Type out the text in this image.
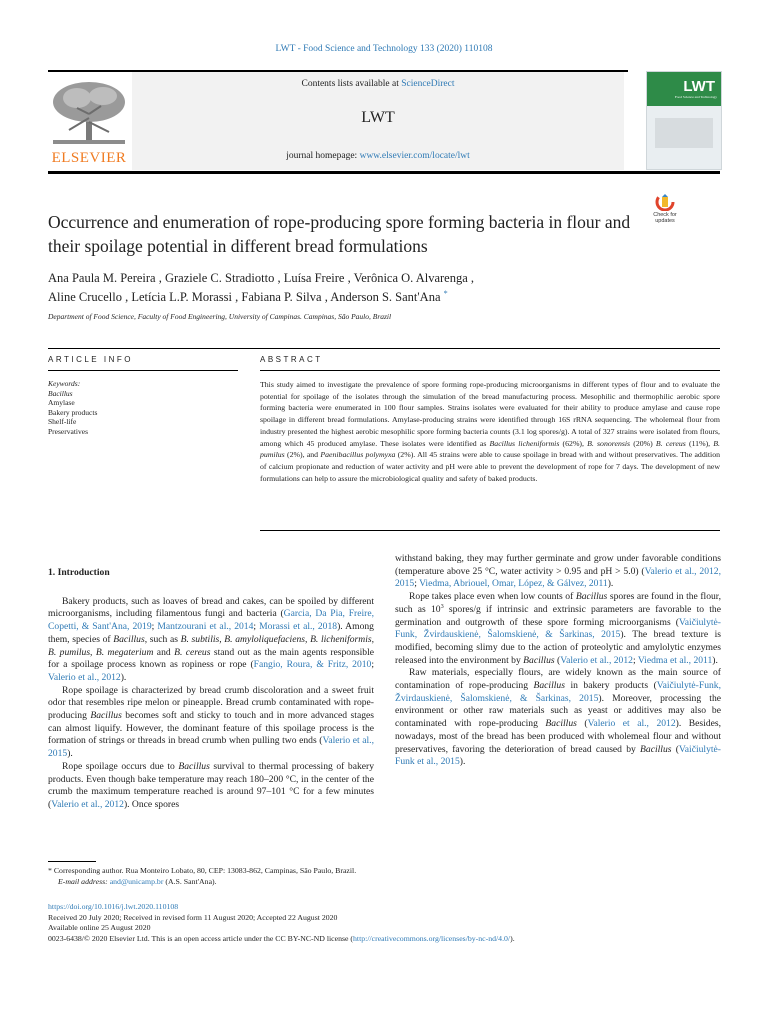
LWT - Food Science and Technology 133 (2020) 110108
ELSEVIER
Contents lists available at ScienceDirect
LWT
journal homepage: www.elsevier.com/locate/lwt
LWT
Food Science and Technology
Check for
updates
Occurrence and enumeration of rope-producing spore forming bacteria in flour and their spoilage potential in different bread formulations
Ana Paula M. Pereira , Graziele C. Stradiotto , Luísa Freire , Verônica O. Alvarenga ,
Aline Crucello , Letícia L.P. Morassi , Fabiana P. Silva , Anderson S. Sant'Ana *
Department of Food Science, Faculty of Food Engineering, University of Campinas. Campinas, São Paulo, Brazil
ARTICLE INFO
Keywords:
Bacillus
Amylase
Bakery products
Shelf-life
Preservatives
ABSTRACT
This study aimed to investigate the prevalence of spore forming rope-producing microorganisms in different types of flour and to evaluate the potential for spoilage of the isolates through the simulation of the bread manufacturing process. Mesophilic and thermophilic aerobic spore forming bacteria were enumerated in 100 flour samples. Strains isolates were evaluated for their ability to produce amylase and cause rope spoilage in different bread formulations. Amylase-producing strains were identified through 16S rRNA sequencing. The wholemeal flour from industry presented the highest aerobic mesophilic spore forming bacteria counts (3.1 log spores/g). A total of 327 strains were isolated from flours, among which 45 produced amylase. These isolates were identified as Bacillus licheniformis (62%), B. sonorensis (20%) B. cereus (11%), B. pumilus (2%), and Paenibacillus polymyxa (2%). All 45 strains were able to cause spoilage in bread with and without preservatives. The addition of calcium propionate and reduction of water activity and pH were able to prevent the development of rope for 7 days. The development of new formulations can help to assure the microbiological quality and safety of baked products.
1. Introduction

Bakery products, such as loaves of bread and cakes, can be spoiled by different microorganisms, including filamentous fungi and bacteria (Garcia, Da Pia, Freire, Copetti, & Sant'Ana, 2019; Mantzourani et al., 2014; Morassi et al., 2018). Among them, species of Bacillus, such as B. subtilis, B. amyloliquefaciens, B. licheniformis, B. pumilus, B. megaterium and B. cereus stand out as the main agents responsible for a spoilage process known as ropiness or rope (Fangio, Roura, & Fritz, 2010; Valerio et al., 2012).

Rope spoilage is characterized by bread crumb discoloration and a sweet fruit odor that resembles ripe melon or pineapple. Bread crumb contaminated with rope-producing Bacillus becomes soft and sticky to touch and in more advanced stages can almost liquify. However, the dominant feature of this spoilage process is the formation of strings or threads in bread crumb when pulling two ends (Valerio et al., 2015).

Rope spoilage occurs due to Bacillus survival to thermal processing of bakery products. Even though bake temperature may reach 180–200 °C, in the center of the crumb the maximum temperature reached is around 97–101 °C for a few minutes (Valerio et al., 2012). Once spores

withstand baking, they may further germinate and grow under favorable conditions (temperature above 25 °C, water activity > 0.95 and pH > 5.0) (Valerio et al., 2012, 2015; Viedma, Abriouel, Omar, López, & Gálvez, 2011).

Rope takes place even when low counts of Bacillus spores are found in the flour, such as $10^3$ spores/g if intrinsic and extrinsic parameters are favorable to the germination and outgrowth of these spore forming microorganisms (Vaičiulytė-Funk, Žvirdauskienė, Šalomskienė, & Šarkinas, 2015). The bread texture is modified, becoming slimy due to the action of proteolytic and amylolytic enzymes released into the environment by Bacillus (Valerio et al., 2012; Viedma et al., 2011).

Raw materials, especially flours, are widely known as the main source of contamination of rope-producing Bacillus in bakery products (Vaičiulytė-Funk, Žvirdauskienė, Šalomskienė, & Šarkinas, 2015). Moreover, processing the environment or other raw materials such as yeast or additives may also be contaminated with rope-producing Bacillus (Valerio et al., 2012). Besides, nowadays, most of the bread has been produced with wholemeal flour and without preservatives, favoring the deterioration of bread caused by Bacillus (Vaičiulytė-Funk et al., 2015).

* Corresponding author. Rua Monteiro Lobato, 80, CEP: 13083-862, Campinas, São Paulo, Brazil.

E-mail address: and@unicamp.br (A.S. Sant'Ana).

https://doi.org/10.1016/j.lwt.2020.110108

Received 20 July 2020; Received in revised form 11 August 2020; Accepted 22 August 2020

Available online 25 August 2020

0023-6438/© 2020 Elsevier Ltd. This is an open access article under the CC BY-NC-ND license (http://creativecommons.org/licenses/by-nc-nd/4.0/).
